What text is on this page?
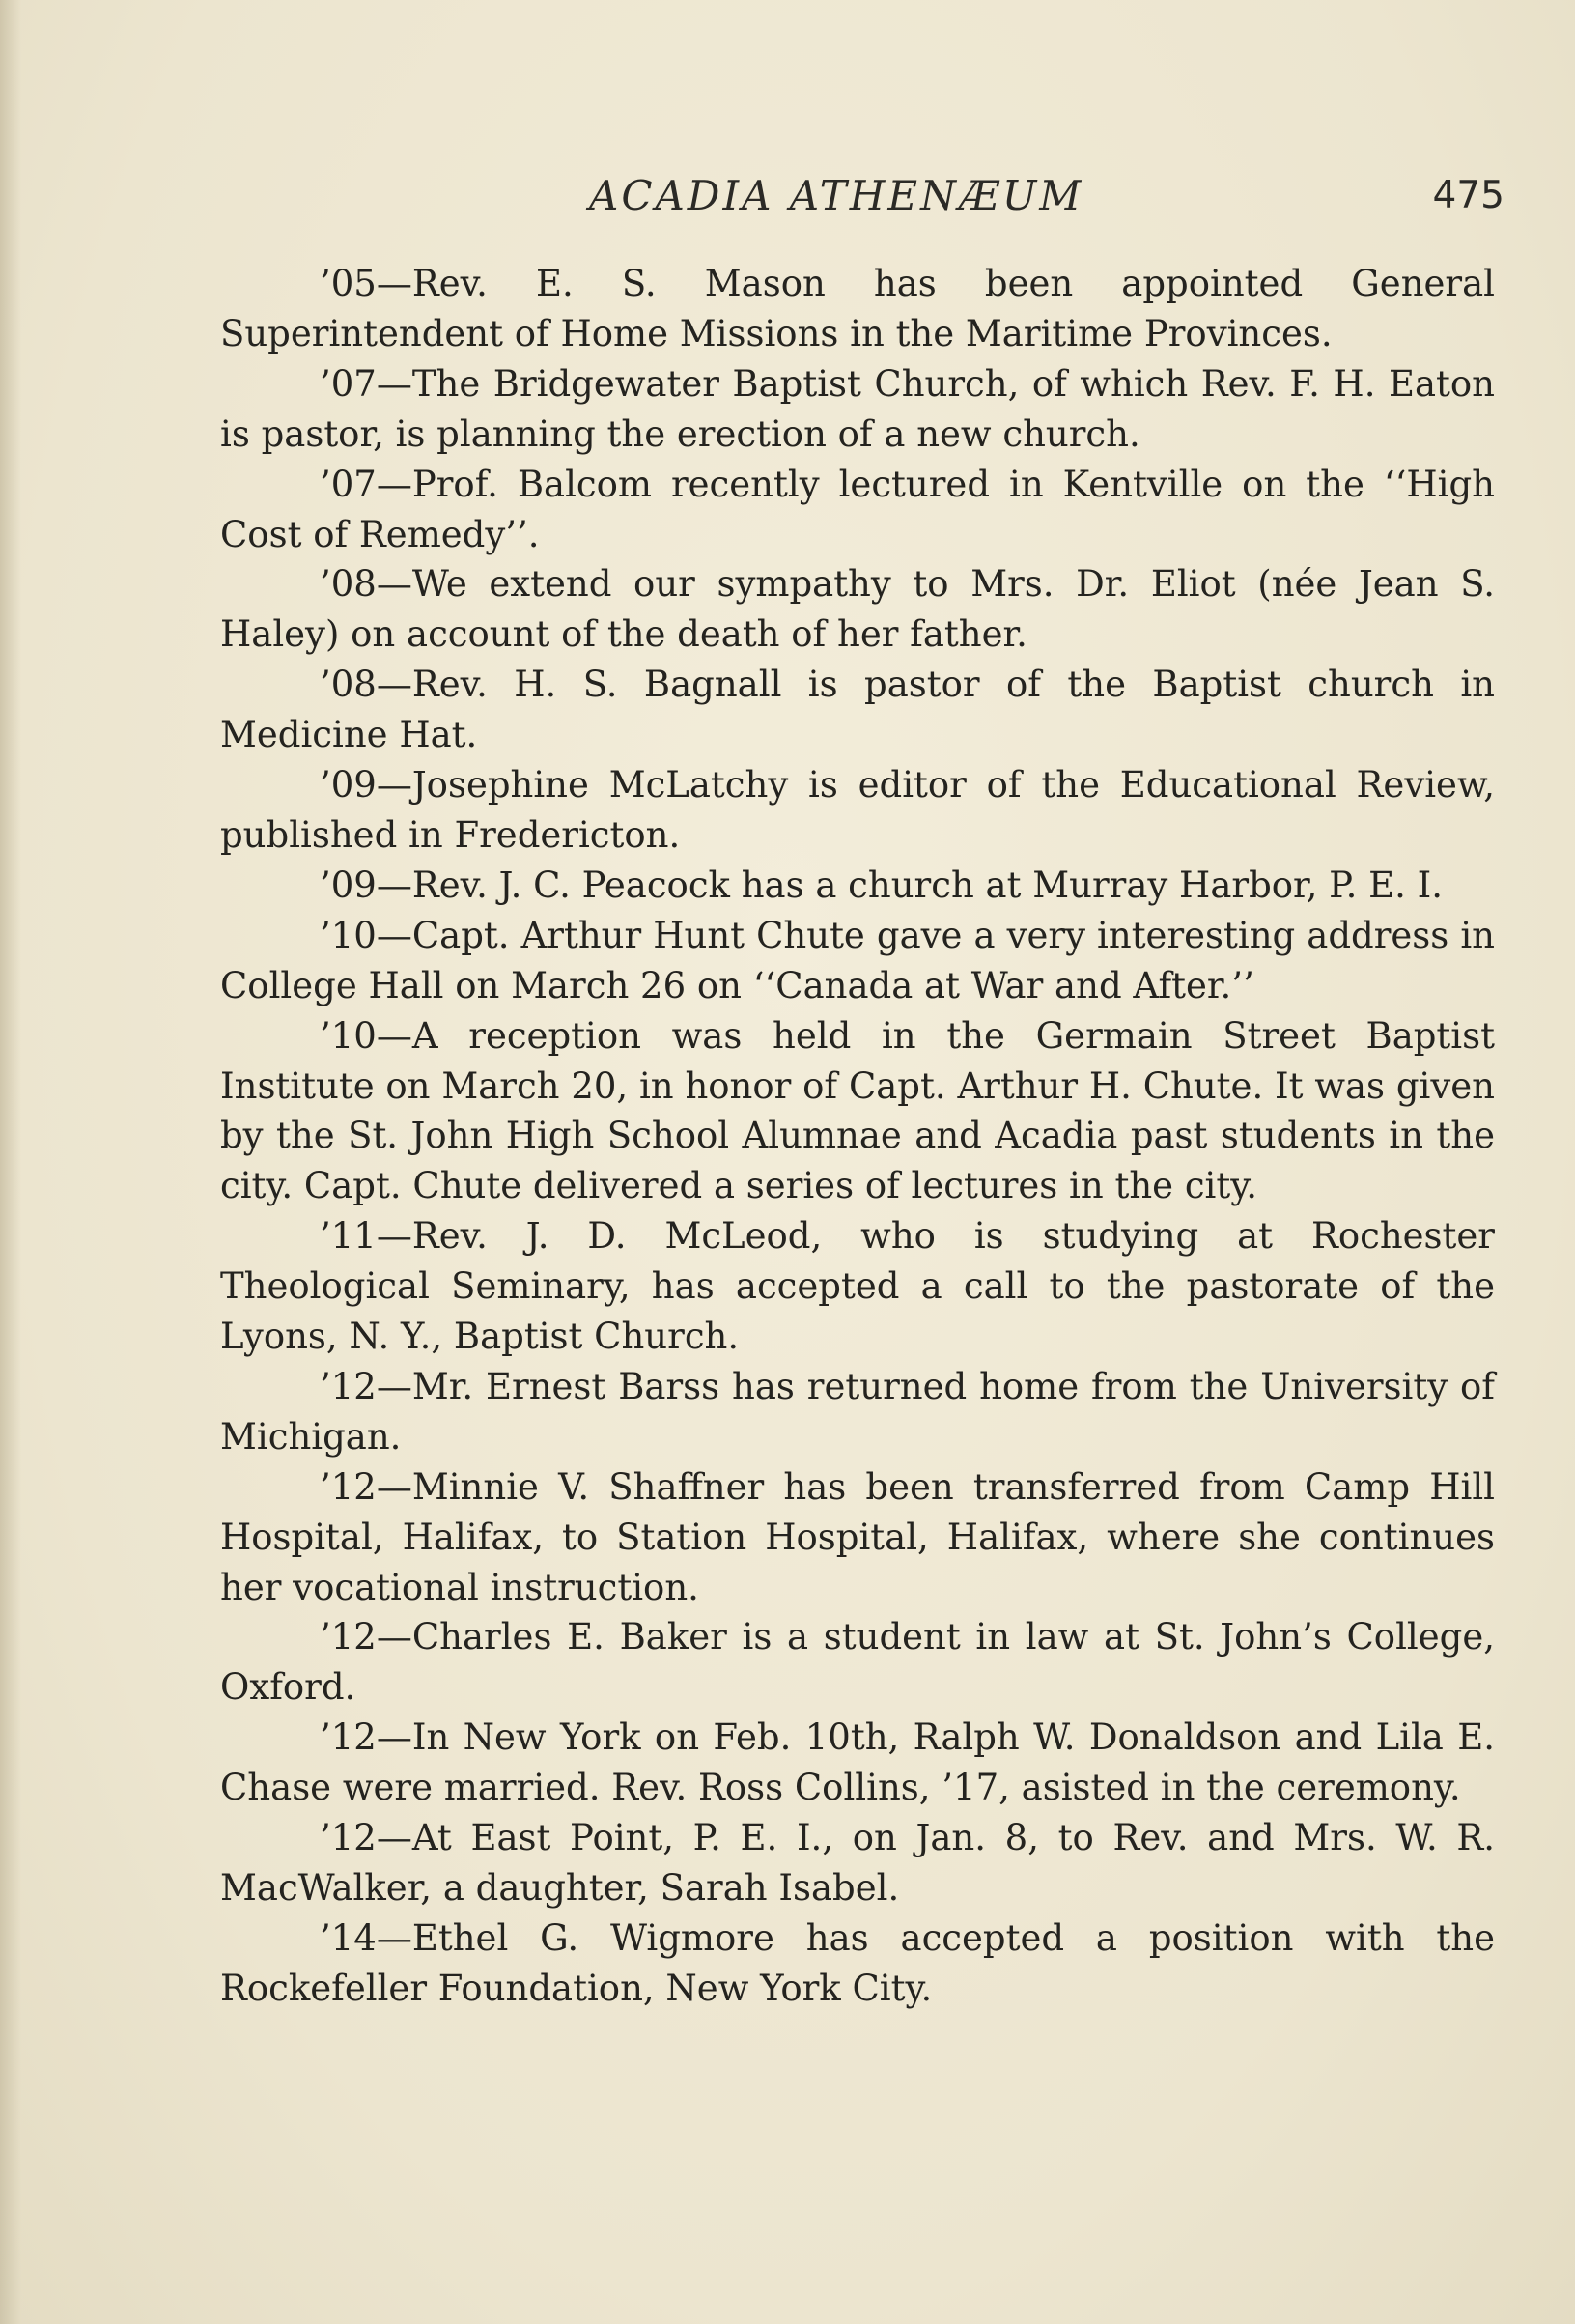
ACADIA ATHENÆUM	475

’05—Rev. E. S. Mason has been appointed General Superintendent of Home Missions in the Maritime Provinces.

’07—The Bridgewater Baptist Church, of which Rev. F. H. Eaton is pastor, is planning the erection of a new church.

’07—Prof. Balcom recently lectured in Kentville on the ‘‘High Cost of Remedy’’.

’08—We extend our sympathy to Mrs. Dr. Eliot (née Jean S. Haley) on account of the death of her father.

’08—Rev. H. S. Bagnall is pastor of the Baptist church in Medicine Hat.

’09—Josephine McLatchy is editor of the Educational Review, published in Fredericton.

’09—Rev. J. C. Peacock has a church at Murray Harbor, P. E. I.

’10—Capt. Arthur Hunt Chute gave a very interesting address in College Hall on March 26 on ‘‘Canada at War and After.’’

’10—A reception was held in the Germain Street Baptist Institute on March 20, in honor of Capt. Arthur H. Chute. It was given by the St. John High School Alumnae and Acadia past students in the city. Capt. Chute delivered a series of lectures in the city.

’11—Rev. J. D. McLeod, who is studying at Rochester Theological Seminary, has accepted a call to the pastorate of the Lyons, N. Y., Baptist Church.

’12—Mr. Ernest Barss has returned home from the University of Michigan.

’12—Minnie V. Shaffner has been transferred from Camp Hill Hospital, Halifax, to Station Hospital, Halifax, where she continues her vocational instruction.

’12—Charles E. Baker is a student in law at St. John’s College, Oxford.

’12—In New York on Feb. 10th, Ralph W. Donaldson and Lila E. Chase were married. Rev. Ross Collins, ’17, asisted in the ceremony.

’12—At East Point, P. E. I., on Jan. 8, to Rev. and Mrs. W. R. MacWalker, a daughter, Sarah Isabel.

’14—Ethel G. Wigmore has accepted a position with the Rockefeller Foundation, New York City.
